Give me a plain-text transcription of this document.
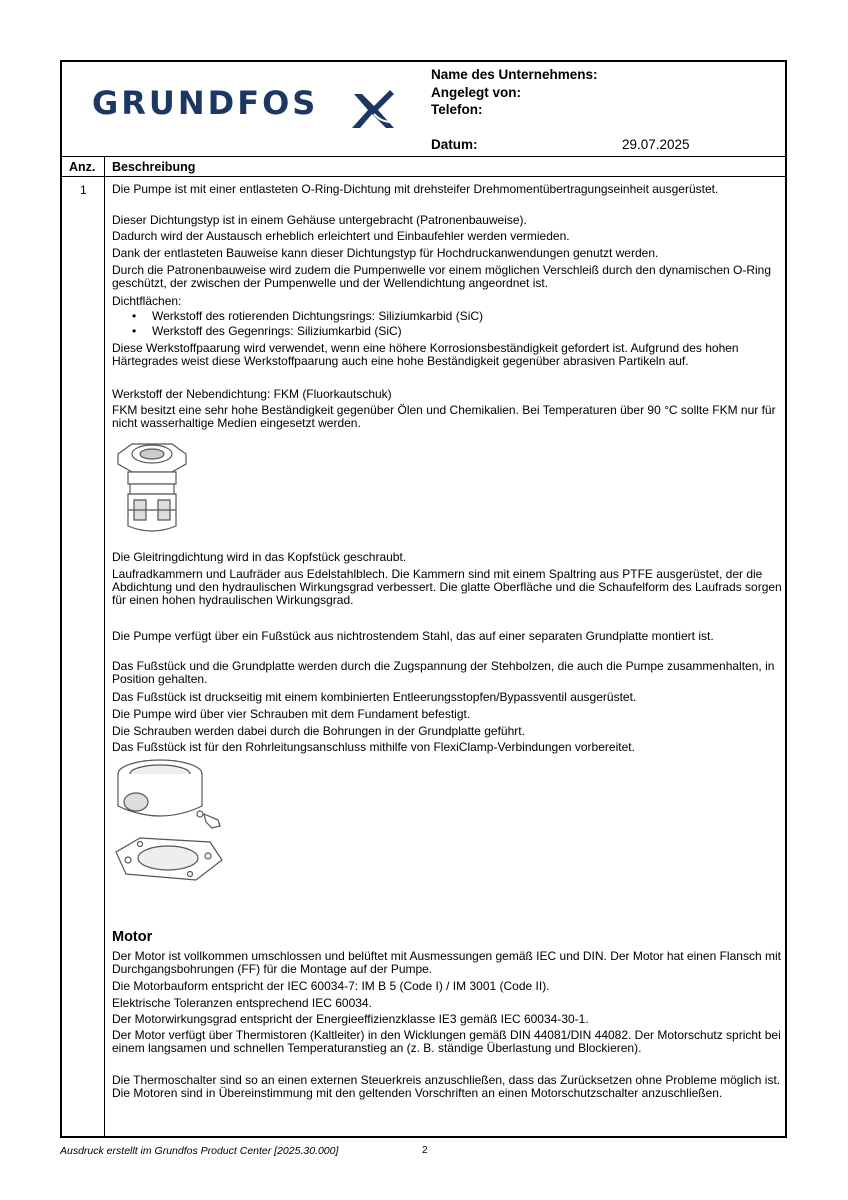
GRUNDFOS
Name des Unternehmens:
Angelegt von:
Telefon:
Datum:	29.07.2025
Anz. Beschreibung
1 Die Pumpe ist mit einer entlasteten O-Ring-Dichtung mit drehsteifer Drehmomentübertragungseinheit ausgerüstet.

Dieser Dichtungstyp ist in einem Gehäuse untergebracht (Patronenbauweise).

Dadurch wird der Austausch erheblich erleichtert und Einbaufehler werden vermieden.

Dank der entlasteten Bauweise kann dieser Dichtungstyp für Hochdruckanwendungen genutzt werden.

Durch die Patronenbauweise wird zudem die Pumpenwelle vor einem möglichen Verschleiß durch den dynamischen O-Ring geschützt, der zwischen der Pumpenwelle und der Wellendichtung angeordnet ist.

Dichtflächen:

• Werkstoff des rotierenden Dichtungsrings: Siliziumkarbid (SiC)
• Werkstoff des Gegenrings: Siliziumkarbid (SiC)

Diese Werkstoffpaarung wird verwendet, wenn eine höhere Korrosionsbeständigkeit gefordert ist. Aufgrund des hohen Härtegrades weist diese Werkstoffpaarung auch eine hohe Beständigkeit gegenüber abrasiven Partikeln auf.

Werkstoff der Nebendichtung: FKM (Fluorkautschuk)

FKM besitzt eine sehr hohe Beständigkeit gegenüber Ölen und Chemikalien. Bei Temperaturen über 90 °C sollte FKM nur für nicht wasserhaltige Medien eingesetzt werden.

Die Gleitringdichtung wird in das Kopfstück geschraubt.

Laufradkammern und Laufräder aus Edelstahlblech. Die Kammern sind mit einem Spaltring aus PTFE ausgerüstet, der die Abdichtung und den hydraulischen Wirkungsgrad verbessert. Die glatte Oberfläche und die Schaufelform des Laufrads sorgen für einen hohen hydraulischen Wirkungsgrad.

Die Pumpe verfügt über ein Fußstück aus nichtrostendem Stahl, das auf einer separaten Grundplatte montiert ist.

Das Fußstück und die Grundplatte werden durch die Zugspannung der Stehbolzen, die auch die Pumpe zusammenhalten, in Position gehalten.

Das Fußstück ist druckseitig mit einem kombinierten Entleerungsstopfen/Bypassventil ausgerüstet.

Die Pumpe wird über vier Schrauben mit dem Fundament befestigt.

Die Schrauben werden dabei durch die Bohrungen in der Grundplatte geführt.

Das Fußstück ist für den Rohrleitungsanschluss mithilfe von FlexiClamp-Verbindungen vorbereitet.

Motor

Der Motor ist vollkommen umschlossen und belüftet mit Ausmessungen gemäß IEC und DIN. Der Motor hat einen Flansch mit Durchgangsbohrungen (FF) für die Montage auf der Pumpe.

Die Motorbauform entspricht der IEC 60034-7: IM B 5 (Code I) / IM 3001 (Code II).

Elektrische Toleranzen entsprechend IEC 60034.

Der Motorwirkungsgrad entspricht der Energieeffizienzklasse IE3 gemäß IEC 60034-30-1.

Der Motor verfügt über Thermistoren (Kaltleiter) in den Wicklungen gemäß DIN 44081/DIN 44082. Der Motorschutz spricht bei einem langsamen und schnellen Temperaturanstieg an (z. B. ständige Überlastung und Blockieren).

Die Thermoschalter sind so an einen externen Steuerkreis anzuschließen, dass das Zurücksetzen ohne Probleme möglich ist. Die Motoren sind in Übereinstimmung mit den geltenden Vorschriften an einen Motorschutzschalter anzuschließen.

Ausdruck erstellt im Grundfos Product Center [2025.30.000]	2
